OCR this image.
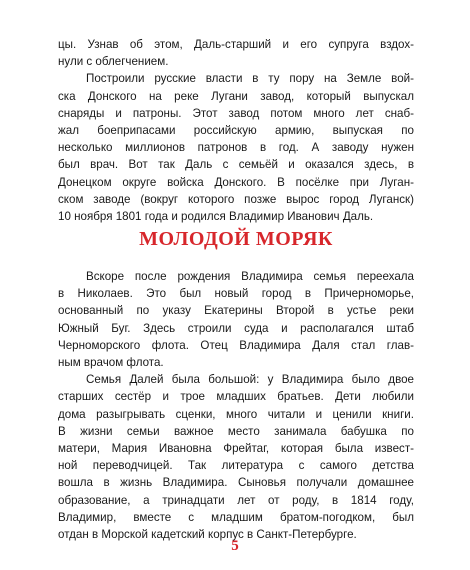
цы. Узнав об этом, Даль-старший и его супруга вздох-
нули с облегчением.

Построили русские власти в ту пору на Земле вой-
ска Донского на реке Лугани завод, который выпускал
снаряды и патроны. Этот завод потом много лет снаб-
жал боеприпасами российскую армию, выпуская по
несколько миллионов патронов в год. А заводу нужен
был врач. Вот так Даль с семьёй и оказался здесь, в
Донецком округе войска Донского. В посёлке при Луган-
ском заводе (вокруг которого позже вырос город Луганск)
10 ноября 1801 года и родился Владимир Иванович Даль.

МОЛОДОЙ МОРЯК

Вскоре после рождения Владимира семья переехала
в Николаев. Это был новый город в Причерноморье,
основанный по указу Екатерины Второй в устье реки
Южный Буг. Здесь строили суда и располагался штаб
Черноморского флота. Отец Владимира Даля стал глав-
ным врачом флота.

Семья Далей была большой: у Владимира было двое
старших сестёр и трое младших братьев. Дети любили
дома разыгрывать сценки, много читали и ценили книги.
В жизни семьи важное место занимала бабушка по
матери, Мария Ивановна Фрейтаг, которая была извест-
ной переводчицей. Так литература с самого детства
вошла в жизнь Владимира. Сыновья получали домашнее
образование, а тринадцати лет от роду, в 1814 году,
Владимир, вместе с младшим братом-погодком, был
отдан в Морской кадетский корпус в Санкт-Петербурге.

5
